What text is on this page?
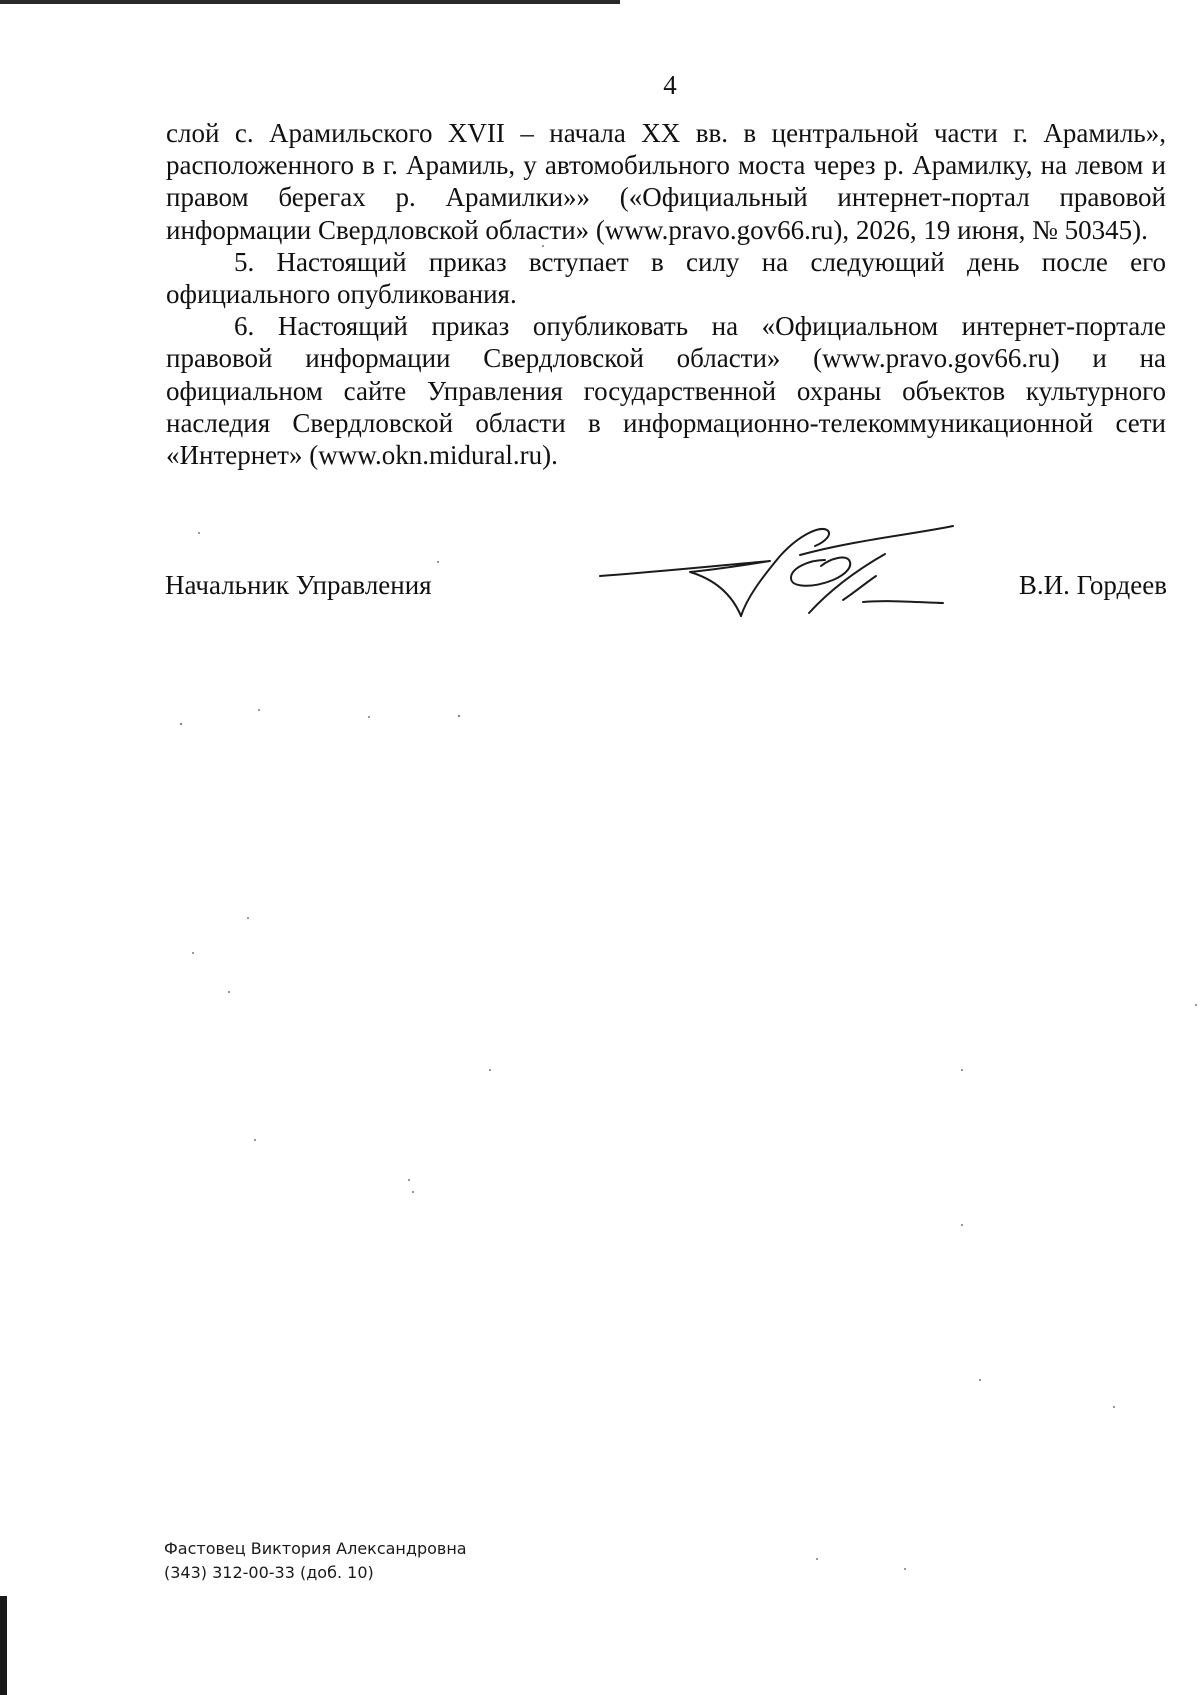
4

слой с. Арамильского XVII – начала XX вв. в центральной части г. Арамиль», расположенного в г. Арамиль, у автомобильного моста через р. Арамилку, на левом и правом берегах р. Арамилки»» («Официальный интернет-портал правовой информации Свердловской области» (www.pravo.gov66.ru), 2026, 19 июня, № 50345).

5. Настоящий приказ вступает в силу на следующий день после его официального опубликования.

6. Настоящий приказ опубликовать на «Официальном интернет-портале правовой информации Свердловской области» (www.pravo.gov66.ru) и на официальном сайте Управления государственной охраны объектов культурного наследия Свердловской области в информационно-телекоммуникационной сети «Интернет» (www.okn.midural.ru).

Начальник Управления	В.И. Гордеев
Фастовец Виктория Александровна
(343) 312-00-33 (доб. 10)
